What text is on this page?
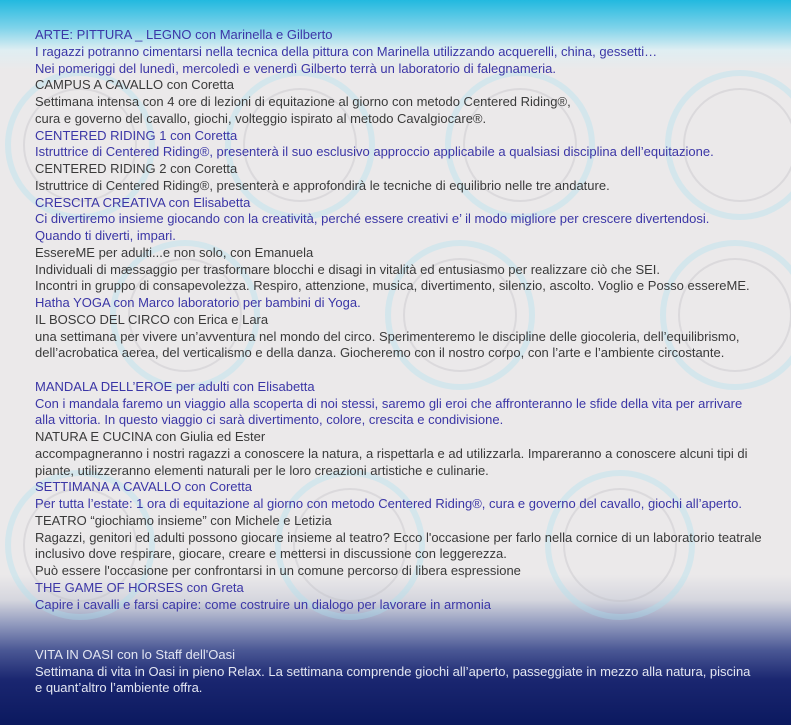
ARTE: PITTURA _ LEGNO con Marinella e Gilberto
I ragazzi potranno cimentarsi nella tecnica della pittura con Marinella utilizzando acquerelli, china, gessetti…
Nei pomeriggi del lunedì, mercoledì e venerdì Gilberto terrà un laboratorio di falegnameria.
CAMPUS A CAVALLO con Coretta
Settimana intensa con 4 ore di lezioni di equitazione al giorno con metodo Centered Riding®,
cura e governo del cavallo, giochi, volteggio ispirato al metodo Cavalgiocare®.
CENTERED RIDING 1 con Coretta
Istruttrice di Centered Riding®, presenterà il suo esclusivo approccio applicabile a qualsiasi disciplina dell’equitazione.
CENTERED RIDING 2 con Coretta
Istruttrice di Centered Riding®, presenterà e approfondirà le tecniche di equilibrio nelle tre andature.
CRESCITA CREATIVA con Elisabetta
Ci divertiremo insieme giocando con la creatività, perché essere creativi e’ il modo migliore per crescere divertendosi.
Quando ti diverti, impari.
EssereME per adulti...e non solo, con Emanuela
Individuali di mæssaggio per trasformare blocchi e disagi in vitalità ed entusiasmo per realizzare ciò che SEI.
Incontri in gruppo di consapevolezza. Respiro, attenzione, musica, divertimento, silenzio, ascolto. Voglio e Posso essereME.
Hatha YOGA con Marco laboratorio per bambini di Yoga.
IL BOSCO DEL CIRCO con Erica e Lara
una settimana per vivere un’avventura nel mondo del circo. Sperimenteremo le discipline delle giocoleria, dell’equilibrismo,
dell’acrobatica aerea, del verticalismo e della danza. Giocheremo con il nostro corpo, con l’arte e l’ambiente circostante.
MANDALA DELL’EROE per adulti con Elisabetta
Con i mandala faremo un viaggio alla scoperta di noi stessi, saremo gli eroi che affronteranno le sfide della vita per arrivare
alla vittoria. In questo viaggio ci sarà divertimento, colore, crescita e condivisione.
NATURA E CUCINA con Giulia ed Ester
accompagneranno i nostri ragazzi a conoscere la natura, a rispettarla e ad utilizzarla. Impareranno a conoscere alcuni tipi di
piante, utilizzeranno elementi naturali per le loro creazioni artistiche e culinarie.
SETTIMANA A CAVALLO con Coretta
Per tutta l’estate: 1 ora di equitazione al giorno con metodo Centered Riding®, cura e governo del cavallo, giochi all’aperto.
TEATRO “giochiamo insieme” con Michele e Letizia
Ragazzi, genitori ed adulti possono giocare insieme al teatro? Ecco l'occasione per farlo nella cornice di un laboratorio teatrale
inclusivo dove respirare, giocare, creare e mettersi in discussione con leggerezza.
Può essere l'occasione per confrontarsi in un comune percorso di libera espressione
THE GAME OF HORSES con Greta
Capire i cavalli e farsi capire: come costruire un dialogo per lavorare in armonia
VITA IN OASI con lo Staff dell'Oasi
Settimana di vita in Oasi in pieno Relax. La settimana comprende giochi all’aperto, passeggiate in mezzo alla natura, piscina
e quant’altro l’ambiente offra.
